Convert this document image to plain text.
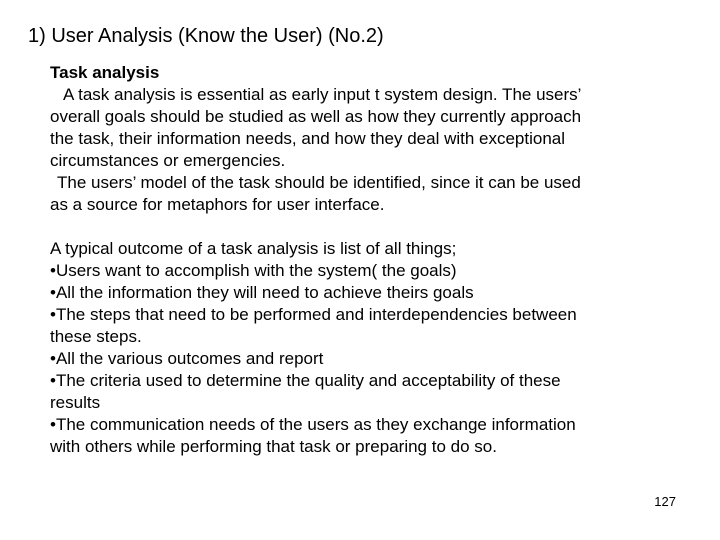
1) User Analysis (Know the User) (No.2)
Task analysis
A task analysis is essential as early input t system design. The users’
overall goals should be studied as well as how they currently approach
the task, their information needs, and how they deal with exceptional
circumstances or emergencies.
The users’ model of the task should be identified, since it can be used
as a source for metaphors for user interface.
A typical outcome of a task analysis is list of all things;
•Users want to accomplish with the system( the goals)
•All the information they will need to achieve theirs goals
•The steps that need to be performed and interdependencies between
these steps.
•All the various outcomes and report
•The criteria used to determine the quality and acceptability of these
results
•The communication needs of the users as they exchange information
with others while performing that task or preparing to do so.
127
